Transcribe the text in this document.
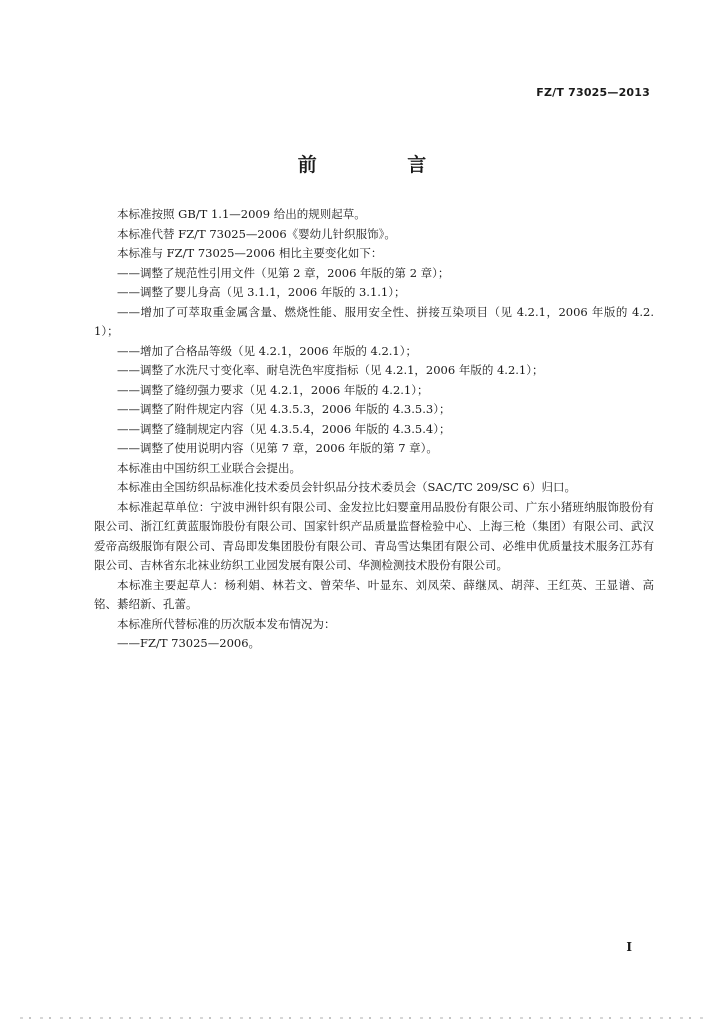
FZ/T 73025—2013
前 言

本标准按照 GB/T 1.1—2009 给出的规则起草。

本标准代替 FZ/T 73025—2006《婴幼儿针织服饰》。

本标准与 FZ/T 73025—2006 相比主要变化如下：

——调整了规范性引用文件（见第 2 章，2006 年版的第 2 章）；

——调整了婴儿身高（见 3.1.1，2006 年版的 3.1.1）；

——增加了可萃取重金属含量、燃烧性能、服用安全性、拼接互染项目（见 4.2.1，2006 年版的 4.2.1）；

——增加了合格品等级（见 4.2.1，2006 年版的 4.2.1）；

——调整了水洗尺寸变化率、耐皂洗色牢度指标（见 4.2.1，2006 年版的 4.2.1）；

——调整了缝纫强力要求（见 4.2.1，2006 年版的 4.2.1）；

——调整了附件规定内容（见 4.3.5.3，2006 年版的 4.3.5.3）；

——调整了缝制规定内容（见 4.3.5.4，2006 年版的 4.3.5.4）；

——调整了使用说明内容（见第 7 章，2006 年版的第 7 章）。

本标准由中国纺织工业联合会提出。

本标准由全国纺织品标准化技术委员会针织品分技术委员会（SAC/TC 209/SC 6）归口。

本标准起草单位：宁波申洲针织有限公司、金发拉比妇婴童用品股份有限公司、广东小猪班纳服饰股份有限公司、浙江红黄蓝服饰股份有限公司、国家针织产品质量监督检验中心、上海三枪（集团）有限公司、武汉爱帝高级服饰有限公司、青岛即发集团股份有限公司、青岛雪达集团有限公司、必维申优质量技术服务江苏有限公司、吉林省东北袜业纺织工业园发展有限公司、华测检测技术股份有限公司。

本标准主要起草人：杨利娟、林若文、曾荣华、叶显东、刘凤荣、薛继凤、胡萍、王红英、王显谱、高铭、綦绍新、孔蕾。

本标准所代替标准的历次版本发布情况为：

——FZ/T 73025—2006。

I
